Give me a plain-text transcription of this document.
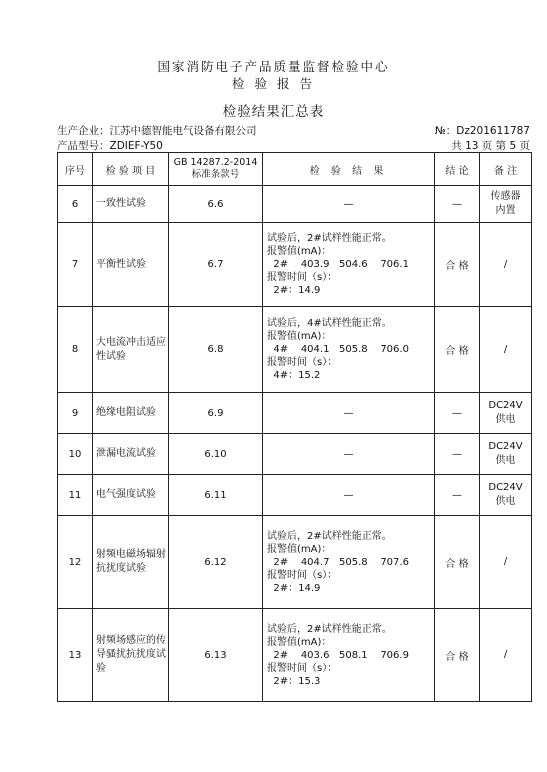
国家消防电子产品质量监督检验中心
检 验 报 告
检验结果汇总表
生产企业：江苏中德智能电气设备有限公司	№：Dz201611787
产品型号：ZDIEF-Y50	共 13 页 第 5 页
序号	检 验 项 目	GB 14287.2-2014
标准条款号	检 验 结 果	结 论	备 注
6	一致性试验	6.6	—	—	传感器
内置
7	平衡性试验	6.7	试验后，2#试样性能正常。
报警值(mA)：
2#    403.9   504.6    706.1
报警时间（s）：
2#：14.9	合 格	/
8	大电流冲击适应性试验	6.8	试验后，4#试样性能正常。
报警值(mA)：
4#    404.1   505.8    706.0
报警时间（s）：
4#：15.2	合 格	/
9	绝缘电阻试验	6.9	—	—	DC24V
供电
10	泄漏电流试验	6.10	—	—	DC24V
供电
11	电气强度试验	6.11	—	—	DC24V
供电
12	射频电磁场辐射抗扰度试验	6.12	试验后，2#试样性能正常。
报警值(mA)：
2#    404.7   505.8    707.6
报警时间（s）：
2#：14.9	合 格	/
13	射频场感应的传导骚扰抗扰度试验	6.13	试验后，2#试样性能正常。
报警值(mA)：
2#    403.6   508.1    706.9
报警时间（s）：
2#：15.3	合 格	/
